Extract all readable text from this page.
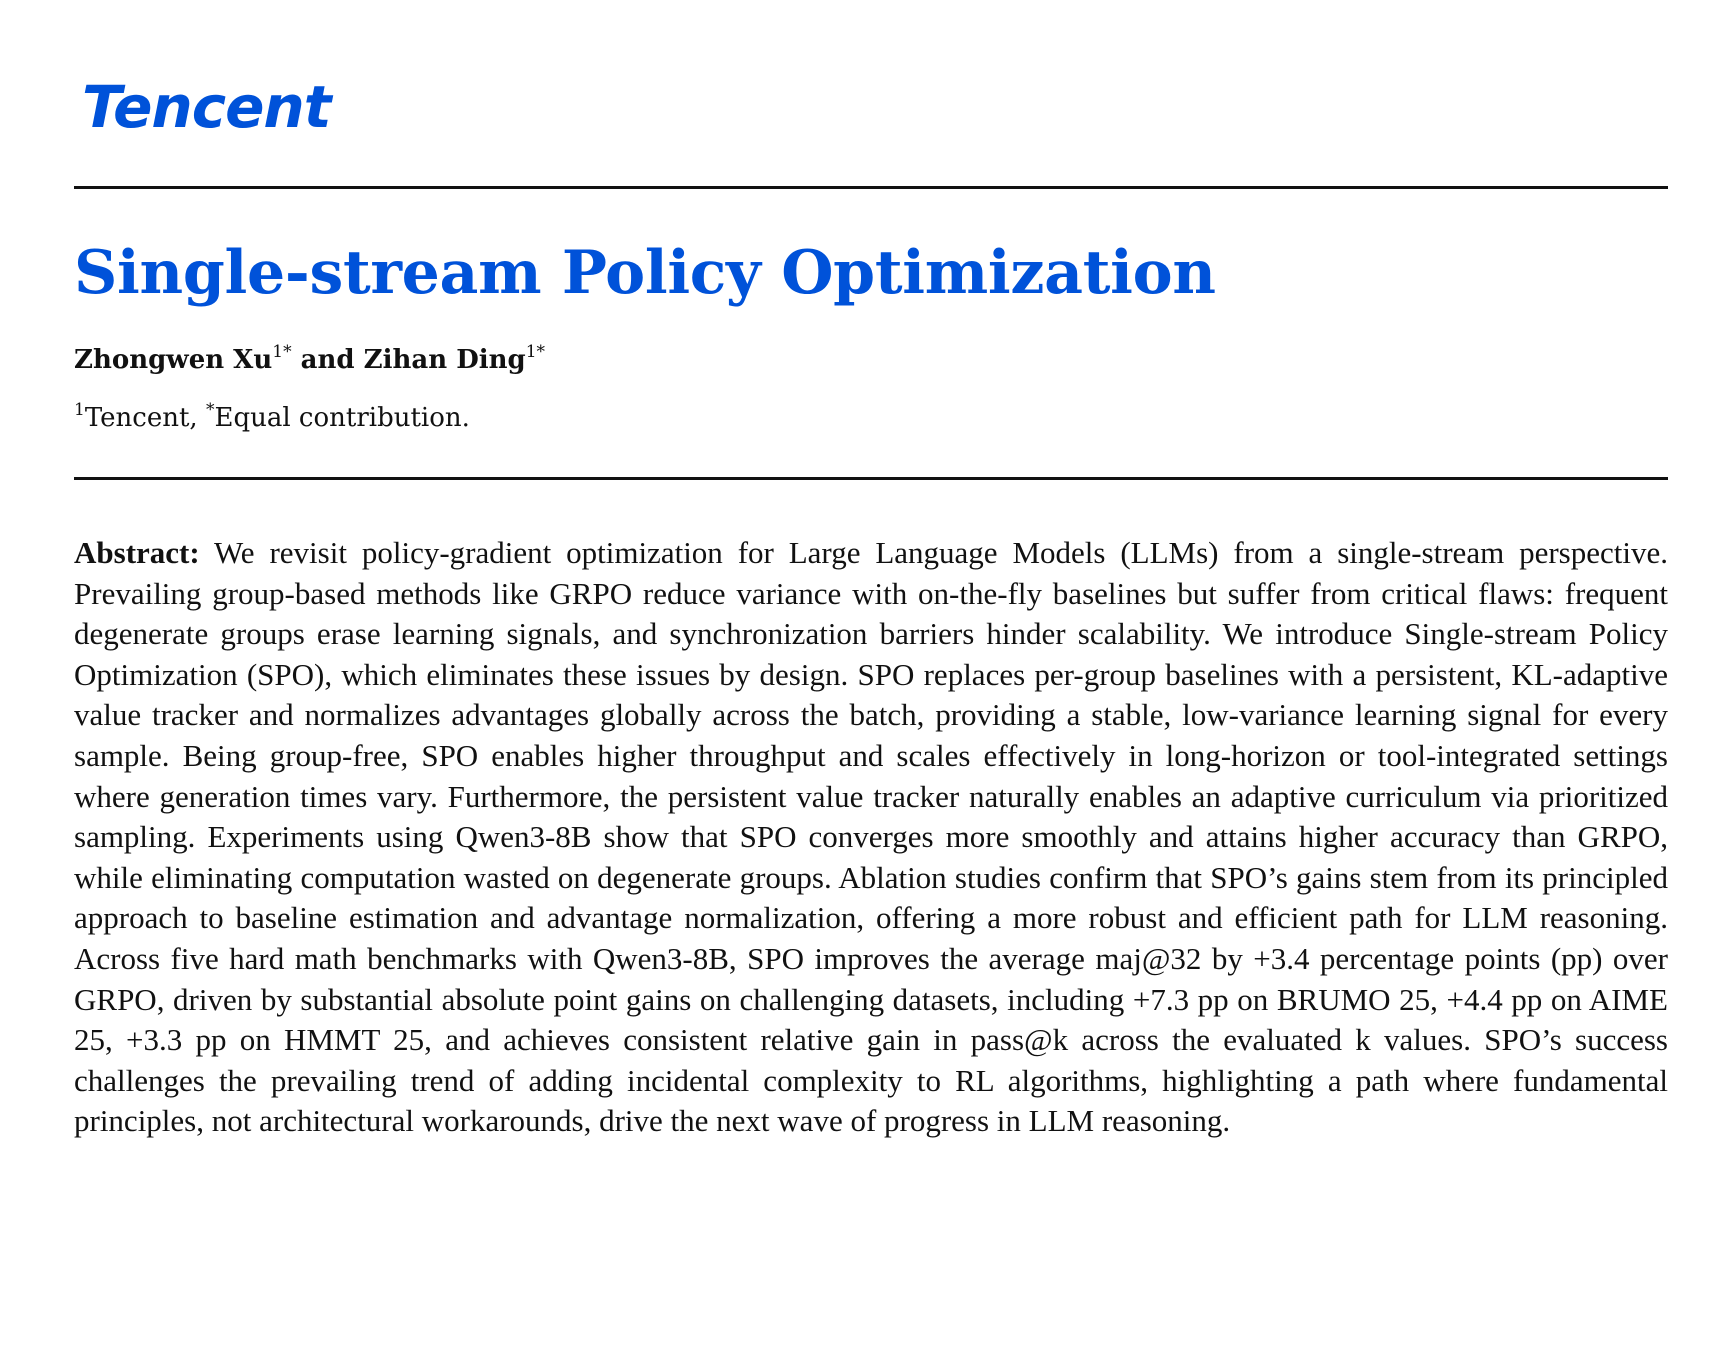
Tencent
Single-stream Policy Optimization
Zhongwen $Xu^{1*}$ and Zihan Ding$^{1*}$
$^1$Tencent, *Equal contribution.

Abstract: We revisit policy-gradient optimization for Large Language Models (LLMs) from a single-stream perspective. Prevailing group-based methods like GRPO reduce variance with on-the-fly baselines but suffer from critical flaws: frequent degenerate groups erase learning signals, and synchronization barriers hinder scalability. We introduce Single-stream Policy Optimization (SPO), which eliminates these issues by design. SPO replaces per-group baselines with a persistent, KL-adaptive value tracker and normalizes advantages globally across the batch, providing a stable, low-variance learning signal for every sample. Being group-free, SPO enables higher throughput and scales effectively in long-horizon or tool-integrated settings where generation times vary. Furthermore, the persistent value tracker naturally enables an adaptive curriculum via prioritized sampling. Experiments using Qwen3-8B show that SPO converges more smoothly and attains higher accuracy than GRPO, while eliminating computation wasted on degenerate groups. Ablation studies confirm that SPO’s gains stem from its principled approach to baseline estimation and advantage normalization, offering a more robust and efficient path for LLM reasoning. Across five hard math benchmarks with Qwen3-8B, SPO improves the average maj@32 by +3.4 percentage points (pp) over GRPO, driven by substantial absolute point gains on challenging datasets, including +7.3 pp on BRUMO 25, +4.4 pp on AIME 25, +3.3 pp on HMMT 25, and achieves consistent relative gain in pass@k across the evaluated k values. SPO’s success challenges the prevailing trend of adding incidental complexity to RL algorithms, highlighting a path where fundamental principles, not architectural workarounds, drive the next wave of progress in LLM reasoning.
